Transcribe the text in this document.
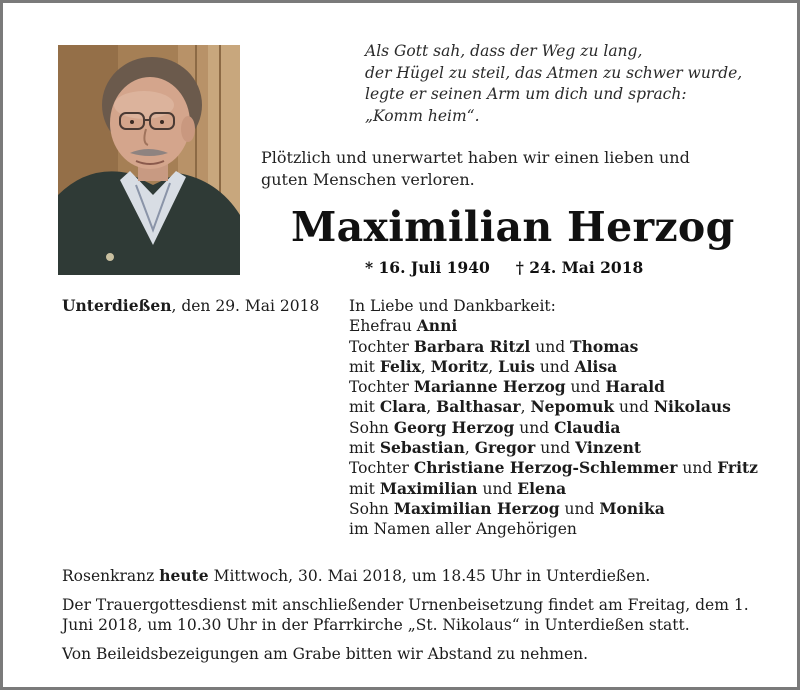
Als Gott sah, dass der Weg zu lang,
der Hügel zu steil, das Atmen zu schwer wurde,
legte er seinen Arm um dich und sprach:
„Komm heim“.
Plötzlich und unerwartet haben wir einen lieben und guten Menschen verloren.
Maximilian Herzog
* 16. Juli 1940 † 24. Mai 2018
Unterdießen, den 29. Mai 2018 In Liebe und Dankbarkeit:
Ehefrau Anni
Tochter Barbara Ritzl und Thomas
mit Felix, Moritz, Luis und Alisa
Tochter Marianne Herzog und Harald
mit Clara, Balthasar, Nepomuk und Nikolaus
Sohn Georg Herzog und Claudia
mit Sebastian, Gregor und Vinzent
Tochter Christiane Herzog-Schlemmer und Fritz
mit Maximilian und Elena
Sohn Maximilian Herzog und Monika
im Namen aller Angehörigen

Rosenkranz heute Mittwoch, 30. Mai 2018, um 18.45 Uhr in Unterdießen.

Der Trauergottesdienst mit anschließender Urnenbeisetzung findet am Freitag, dem 1. Juni 2018, um 10.30 Uhr in der Pfarrkirche „St. Nikolaus“ in Unterdießen statt.

Von Beileidsbezeigungen am Grabe bitten wir Abstand zu nehmen.
